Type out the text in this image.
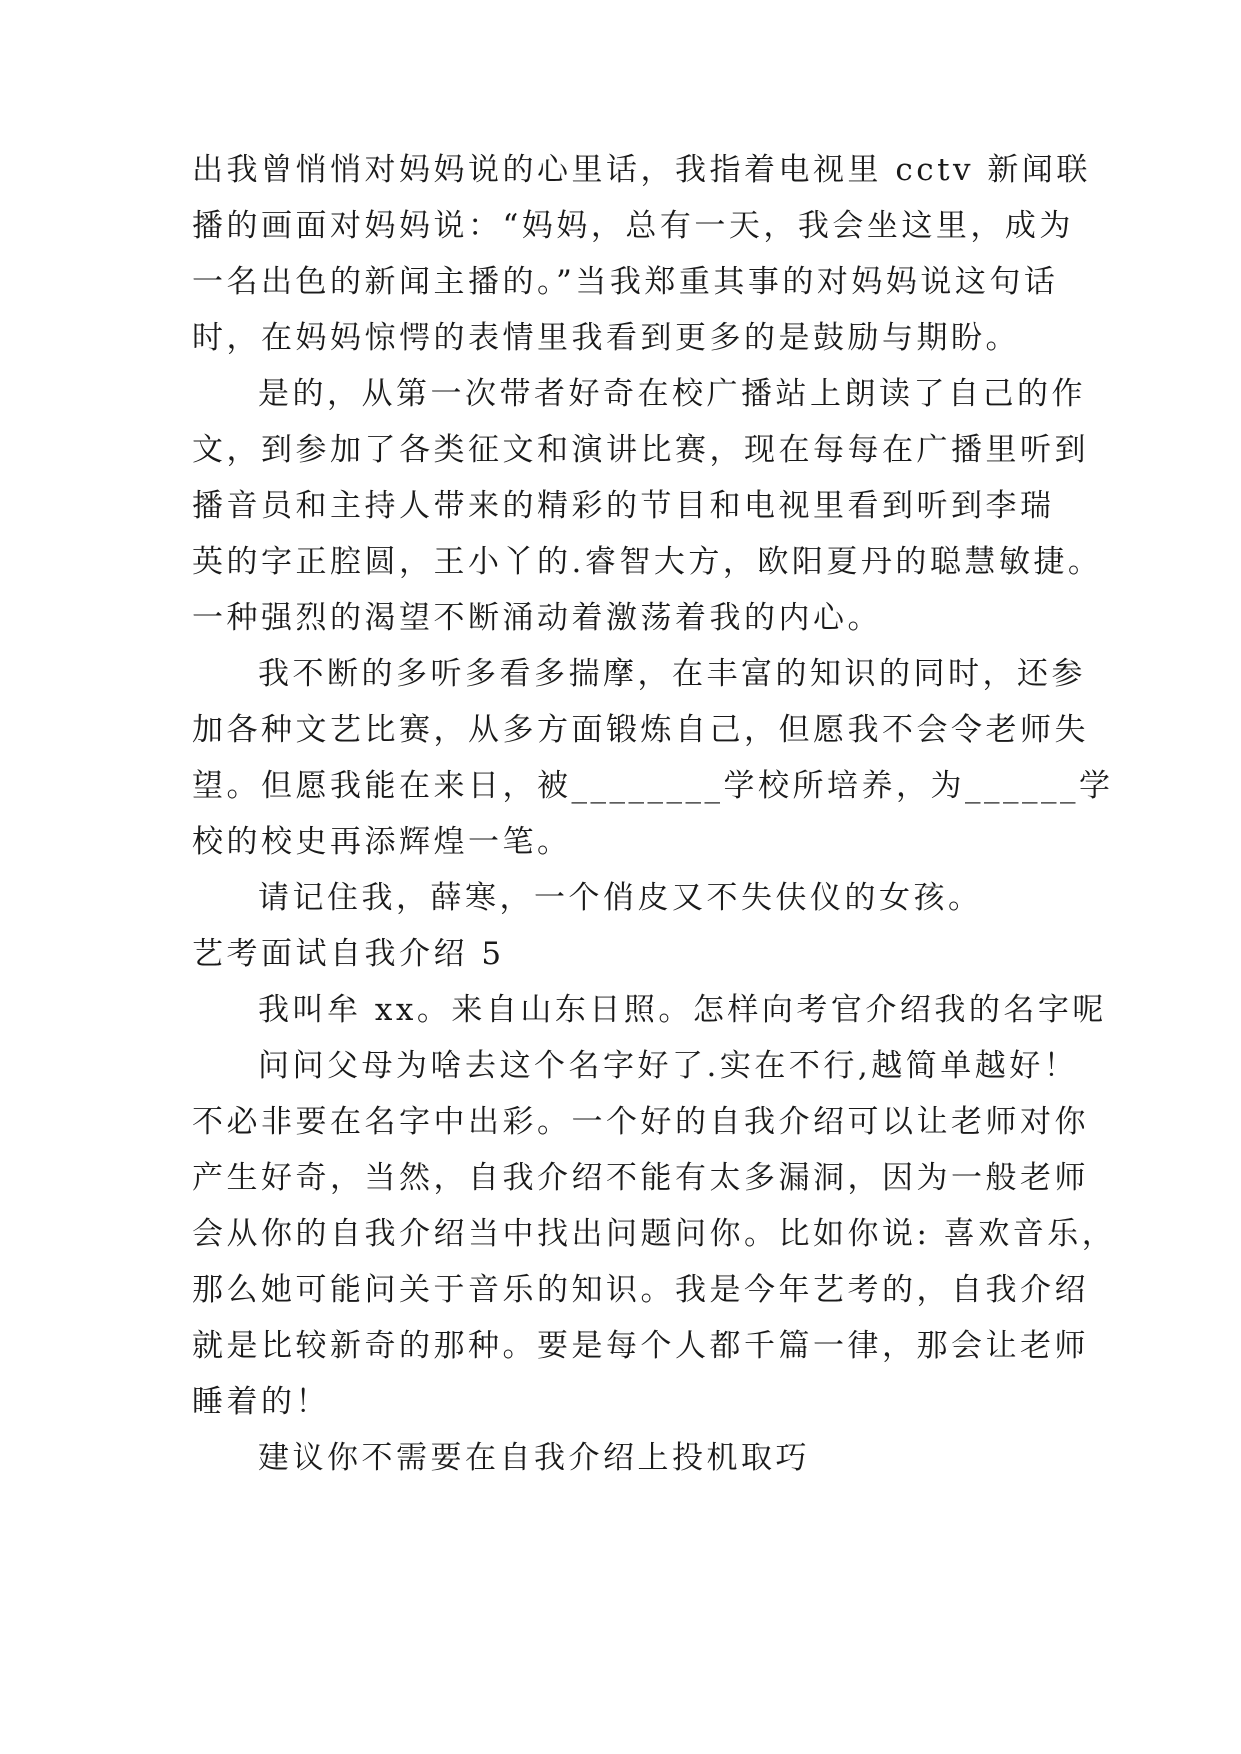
出我曾悄悄对妈妈说的心里话，我指着电视里 cctv 新闻联
播的画面对妈妈说：“妈妈，总有一天，我会坐这里，成为
一名出色的新闻主播的。”当我郑重其事的对妈妈说这句话
时，在妈妈惊愕的表情里我看到更多的是鼓励与期盼。
是的，从第一次带者好奇在校广播站上朗读了自己的作
文，到参加了各类征文和演讲比赛，现在每每在广播里听到
播音员和主持人带来的精彩的节目和电视里看到听到李瑞
英的字正腔圆，王小丫的.睿智大方，欧阳夏丹的聪慧敏捷。
一种强烈的渴望不断涌动着激荡着我的内心。
我不断的多听多看多揣摩，在丰富的知识的同时，还参
加各种文艺比赛，从多方面锻炼自己，但愿我不会令老师失
望。但愿我能在来日，被________学校所培养，为______学
校的校史再添辉煌一笔。
请记住我，薛寒，一个俏皮又不失伕仪的女孩。
艺考面试自我介绍 5
我叫牟 xx。来自山东日照。怎样向考官介绍我的名字呢
问问父母为啥去这个名字好了.实在不行,越简单越好！
不必非要在名字中出彩。一个好的自我介绍可以让老师对你
产生好奇，当然，自我介绍不能有太多漏洞，因为一般老师
会从你的自我介绍当中找出问题问你。比如你说: 喜欢音乐，
那么她可能问关于音乐的知识。我是今年艺考的，自我介绍
就是比较新奇的那种。要是每个人都千篇一律，那会让老师
睡着的！
建议你不需要在自我介绍上投机取巧
